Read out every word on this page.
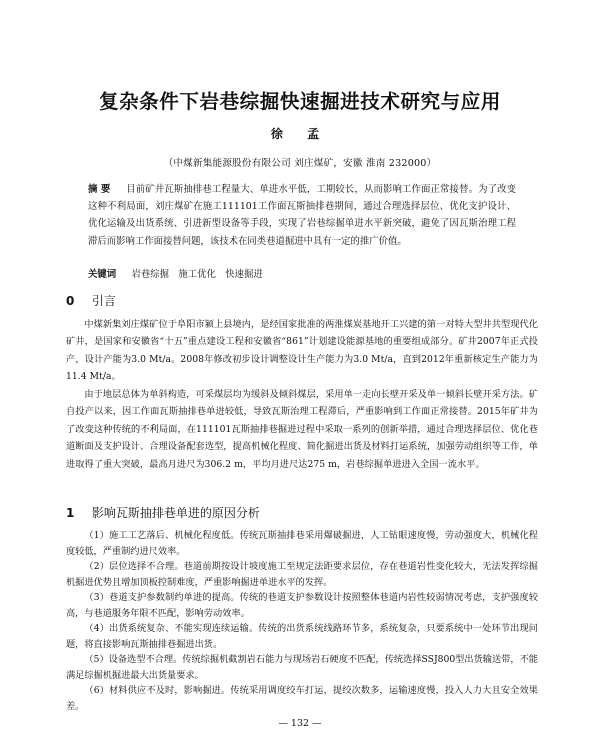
复杂条件下岩巷综掘快速掘进技术研究与应用
徐 孟
（中煤新集能源股份有限公司 刘庄煤矿，安徽 淮南 232000）
摘 要 　 目前矿井瓦斯抽排巷工程量大、单进水平低，工期较长，从而影响工作面正常接替。为了改变这种不利局面，刘庄煤矿在施工111101工作面瓦斯抽排巷期间，通过合理选择层位、优化支护设计、优化运输及出货系统、引进新型设备等手段，实现了岩巷综掘单进水平新突破，避免了因瓦斯治理工程滞后而影响工作面接替问题，该技术在同类巷道掘进中具有一定的推广价值。
关键词 　 岩巷综掘　施工优化　快速掘进
0 引言
中煤新集刘庄煤矿位于阜阳市颍上县境内，是经国家批准的两淮煤炭基地开工兴建的第一对特大型井共型现代化矿井，是国家和安徽省“十五”重点建设工程和安徽省“861”计划建设能源基地的重要组成部分。矿井2007年正式投产，设计产能为3.0 Mt/a。2008年修改初步设计调整设计生产能力为3.0 Mt/a，直到2012年重新核定生产能力为11.4 Mt/a。
由于地层总体为单斜构造，可采煤层均为缓斜及倾斜煤层，采用单一走向长壁开采及单一倾斜长壁开采方法。矿自投产以来，因工作面瓦斯抽排巷单进较低，导致瓦斯治理工程滞后，严重影响到工作面正常接替。2015年矿井为了改变这种传统的不利局面，在111101瓦斯抽排巷掘进过程中采取一系列的创新举措，通过合理选择层位、优化巷道断面及支护设计、合理设备配套选型，提高机械化程度、简化掘进出货及材料打运系统，加强劳动组织等工作，单进取得了重大突破，最高月进尺为306.2 m，平均月进尺达275 m，岩巷综掘单进进入全国一流水平。
1 影响瓦斯抽排巷单进的原因分析
（1）施工工艺落后、机械化程度低。传统瓦斯抽排巷采用爆破掘进，人工钻眼速度慢，劳动强度大，机械化程度较低，严重制约进尺效率。
（2）层位选择不合理。巷道前期按设计坡度施工至规定法距要求层位，存在巷道岩性变化较大，无法发挥综掘机掘进优势且增加顶板控制难度，严重影响掘进单进水平的发挥。
（3）巷道支护参数制约单进的提高。传统的巷道支护参数设计按照整体巷道内岩性较弱情况考虑，支护强度较高，与巷道服务年限不匹配，影响劳动效率。
（4）出货系统复杂、不能实现连续运输。传统的出货系统线路环节多，系统复杂，只要系统中一处环节出现问题，将直接影响瓦斯抽排巷掘进出货。
（5）设备选型不合理。传统综掘机截割岩石能力与现场岩石硬度不匹配，传统选择SSJ800型出货输送带，不能满足综掘机掘进最大出货量要求。
— 132 —
（6）材料供应不及时，影响掘进。传统采用调度绞车打运，提绞次数多，运输速度慢，投入人力大且安全效果差。
